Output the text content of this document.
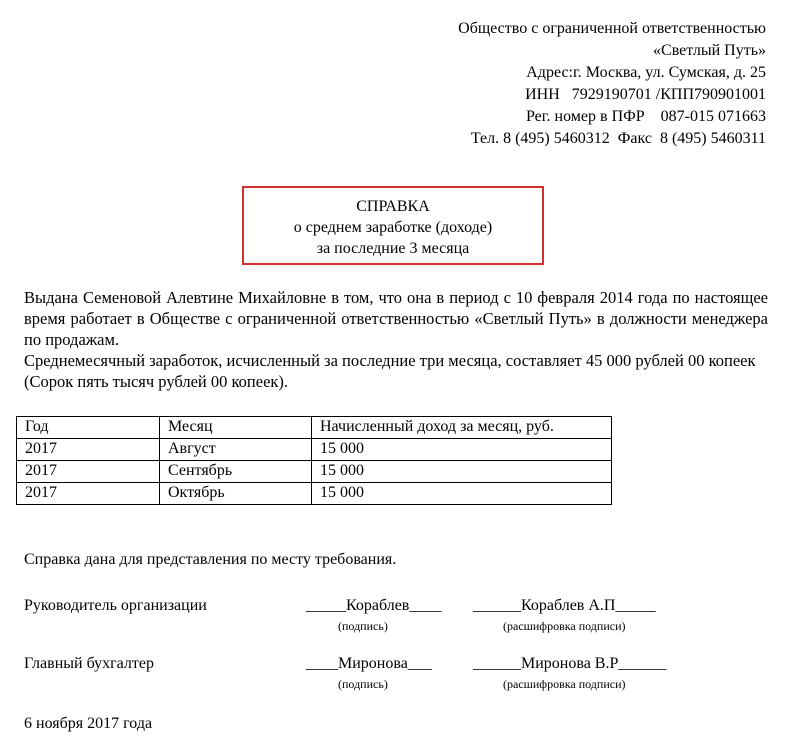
Общество с ограниченной ответственностью
«Светлый Путь»
Адрес:г. Москва, ул. Сумская, д. 25
ИНН   7929190701 /КПП790901001
Рег. номер в ПФР    087-015 071663
Тел. 8 (495) 5460312  Факс  8 (495) 5460311
СПРАВКА
о среднем заработке (доходе)
за последние 3 месяца

Выдана Семеновой Алевтине Михайловне в том, что она в период с 10 февраля 2014 года по настоящее время работает в Обществе с ограниченной ответственностью «Светлый Путь» в должности менеджера по продажам.

Среднемесячный заработок, исчисленный за последние три месяца, составляет 45 000 рублей 00 копеек (Сорок пять тысяч рублей 00 копеек).

Год	Месяц	Начисленный доход за месяц, руб.
2017	Август	15 000
2017	Сентябрь	15 000
2017	Октябрь	15 000
Справка дана для представления по месту требования.
Руководитель организации	_____Кораблев____ ______Кораблев А.П_____
(подпись)	(расшифровка подписи)
Главный бухгалтер	____Миронова___	______Миронова В.Р______
(подпись)	(расшифровка подписи)
6 ноября 2017 года
